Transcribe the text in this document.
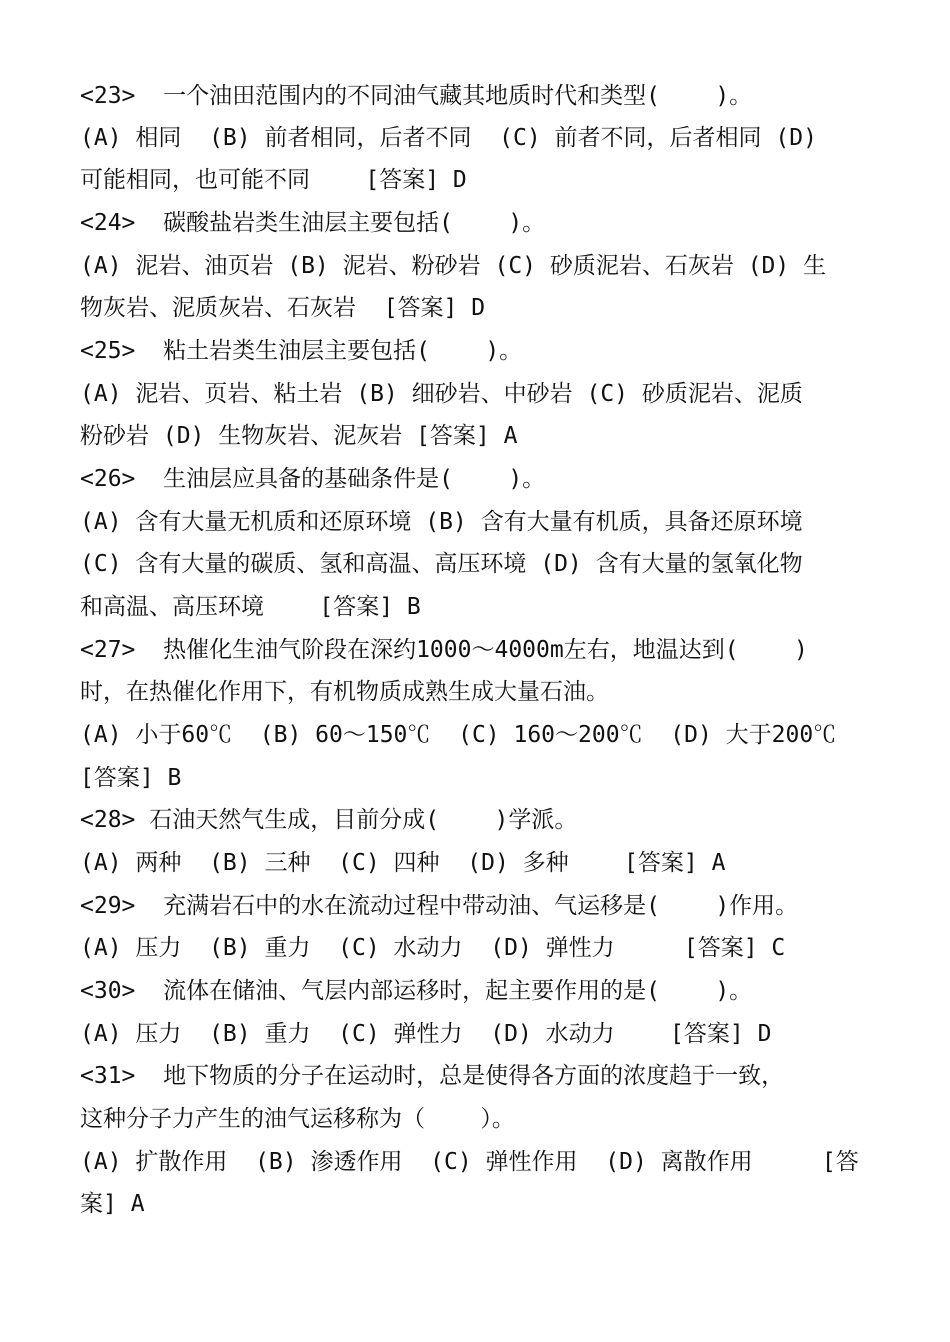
<23>  一个油田范围内的不同油气藏其地质时代和类型(    )。
(A) 相同  (B) 前者相同，后者不同  (C) 前者不同，后者相同 (D)
可能相同，也可能不同    [答案] D
<24>  碳酸盐岩类生油层主要包括(    )。
(A) 泥岩、油页岩 (B) 泥岩、粉砂岩 (C) 砂质泥岩、石灰岩 (D) 生
物灰岩、泥质灰岩、石灰岩  [答案] D
<25>  粘土岩类生油层主要包括(    )。
(A) 泥岩、页岩、粘土岩 (B) 细砂岩、中砂岩 (C) 砂质泥岩、泥质
粉砂岩 (D) 生物灰岩、泥灰岩 [答案] A
<26>  生油层应具备的基础条件是(    )。
(A) 含有大量无机质和还原环境 (B) 含有大量有机质，具备还原环境
(C) 含有大量的碳质、氢和高温、高压环境 (D) 含有大量的氢氧化物
和高温、高压环境    [答案] B
<27>  热催化生油气阶段在深约1000～4000m左右，地温达到(    )
时，在热催化作用下，有机物质成熟生成大量石油。
(A) 小于60℃  (B) 60～150℃  (C) 160～200℃  (D) 大于200℃
[答案] B
<28> 石油天然气生成，目前分成(    )学派。
(A) 两种  (B) 三种  (C) 四种  (D) 多种    [答案] A
<29>  充满岩石中的水在流动过程中带动油、气运移是(    )作用。
(A) 压力  (B) 重力  (C) 水动力  (D) 弹性力     [答案] C
<30>  流体在储油、气层内部运移时，起主要作用的是(    )。
(A) 压力  (B) 重力  (C) 弹性力  (D) 水动力    [答案] D
<31>  地下物质的分子在运动时，总是使得各方面的浓度趋于一致，
这种分子力产生的油气运移称为（    ）。
(A) 扩散作用  (B) 渗透作用  (C) 弹性作用  (D) 离散作用     [答
案] A
